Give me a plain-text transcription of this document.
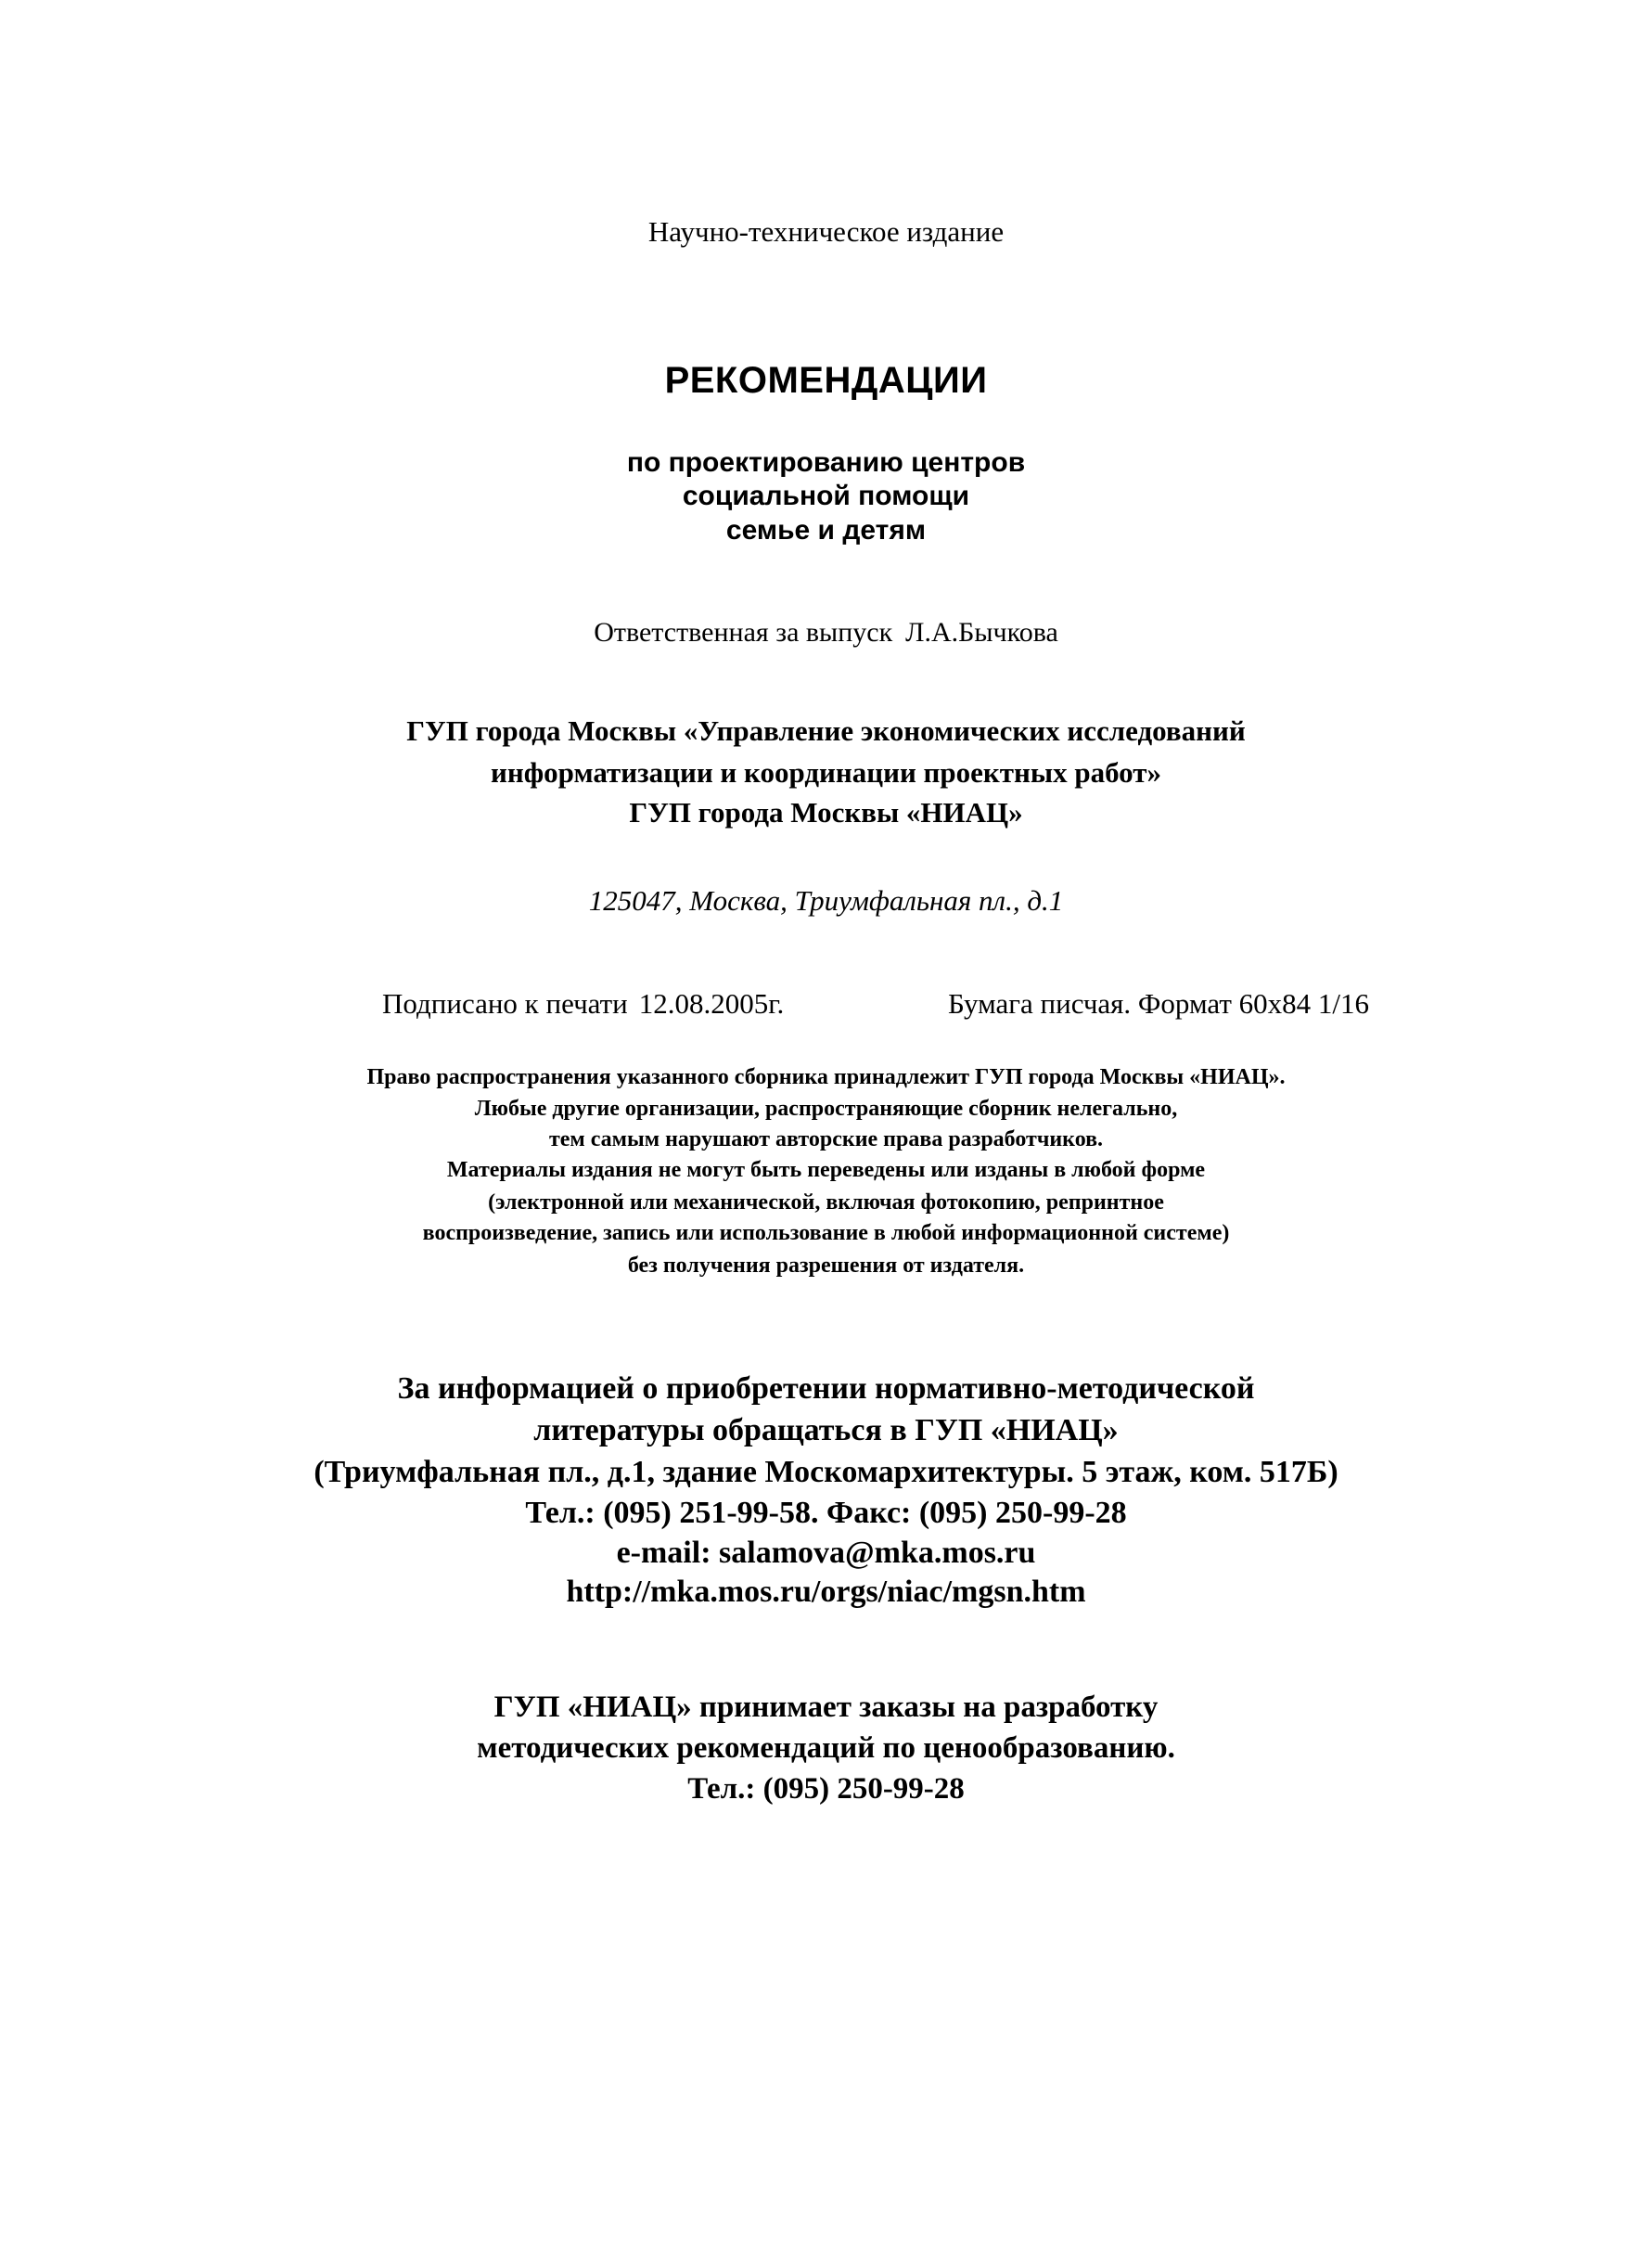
Научно-техническое издание
РЕКОМЕНДАЦИИ
по проектированию центров
социальной помощи
семье и детям
Ответственная за выпуск Л.А.Бычкова
ГУП города Москвы «Управление экономических исследований
информатизации и координации проектных работ»
ГУП города Москвы «НИАЦ»
125047, Москва, Триумфальная пл., д.1
Подписано к печати 12.08.2005г.	Бумага писчая. Формат 60x84 1/16
Право распространения указанного сборника принадлежит ГУП города Москвы «НИАЦ».
Любые другие организации, распространяющие сборник нелегально,
тем самым нарушают авторские права разработчиков.
Материалы издания не могут быть переведены или изданы в любой форме
(электронной или механической, включая фотокопию, репринтное
воспроизведение, запись или использование в любой информационной системе)
без получения разрешения от издателя.
За информацией о приобретении нормативно-методической
литературы обращаться в ГУП «НИАЦ»
(Триумфальная пл., д.1, здание Москомархитектуры. 5 этаж, ком. 517Б)
Тел.: (095) 251-99-58. Факс: (095) 250-99-28
e-mail: salamova@mka.mos.ru
http://mka.mos.ru/orgs/niac/mgsn.htm
ГУП «НИАЦ» принимает заказы на разработку
методических рекомендаций по ценообразованию.
Тел.: (095) 250-99-28
